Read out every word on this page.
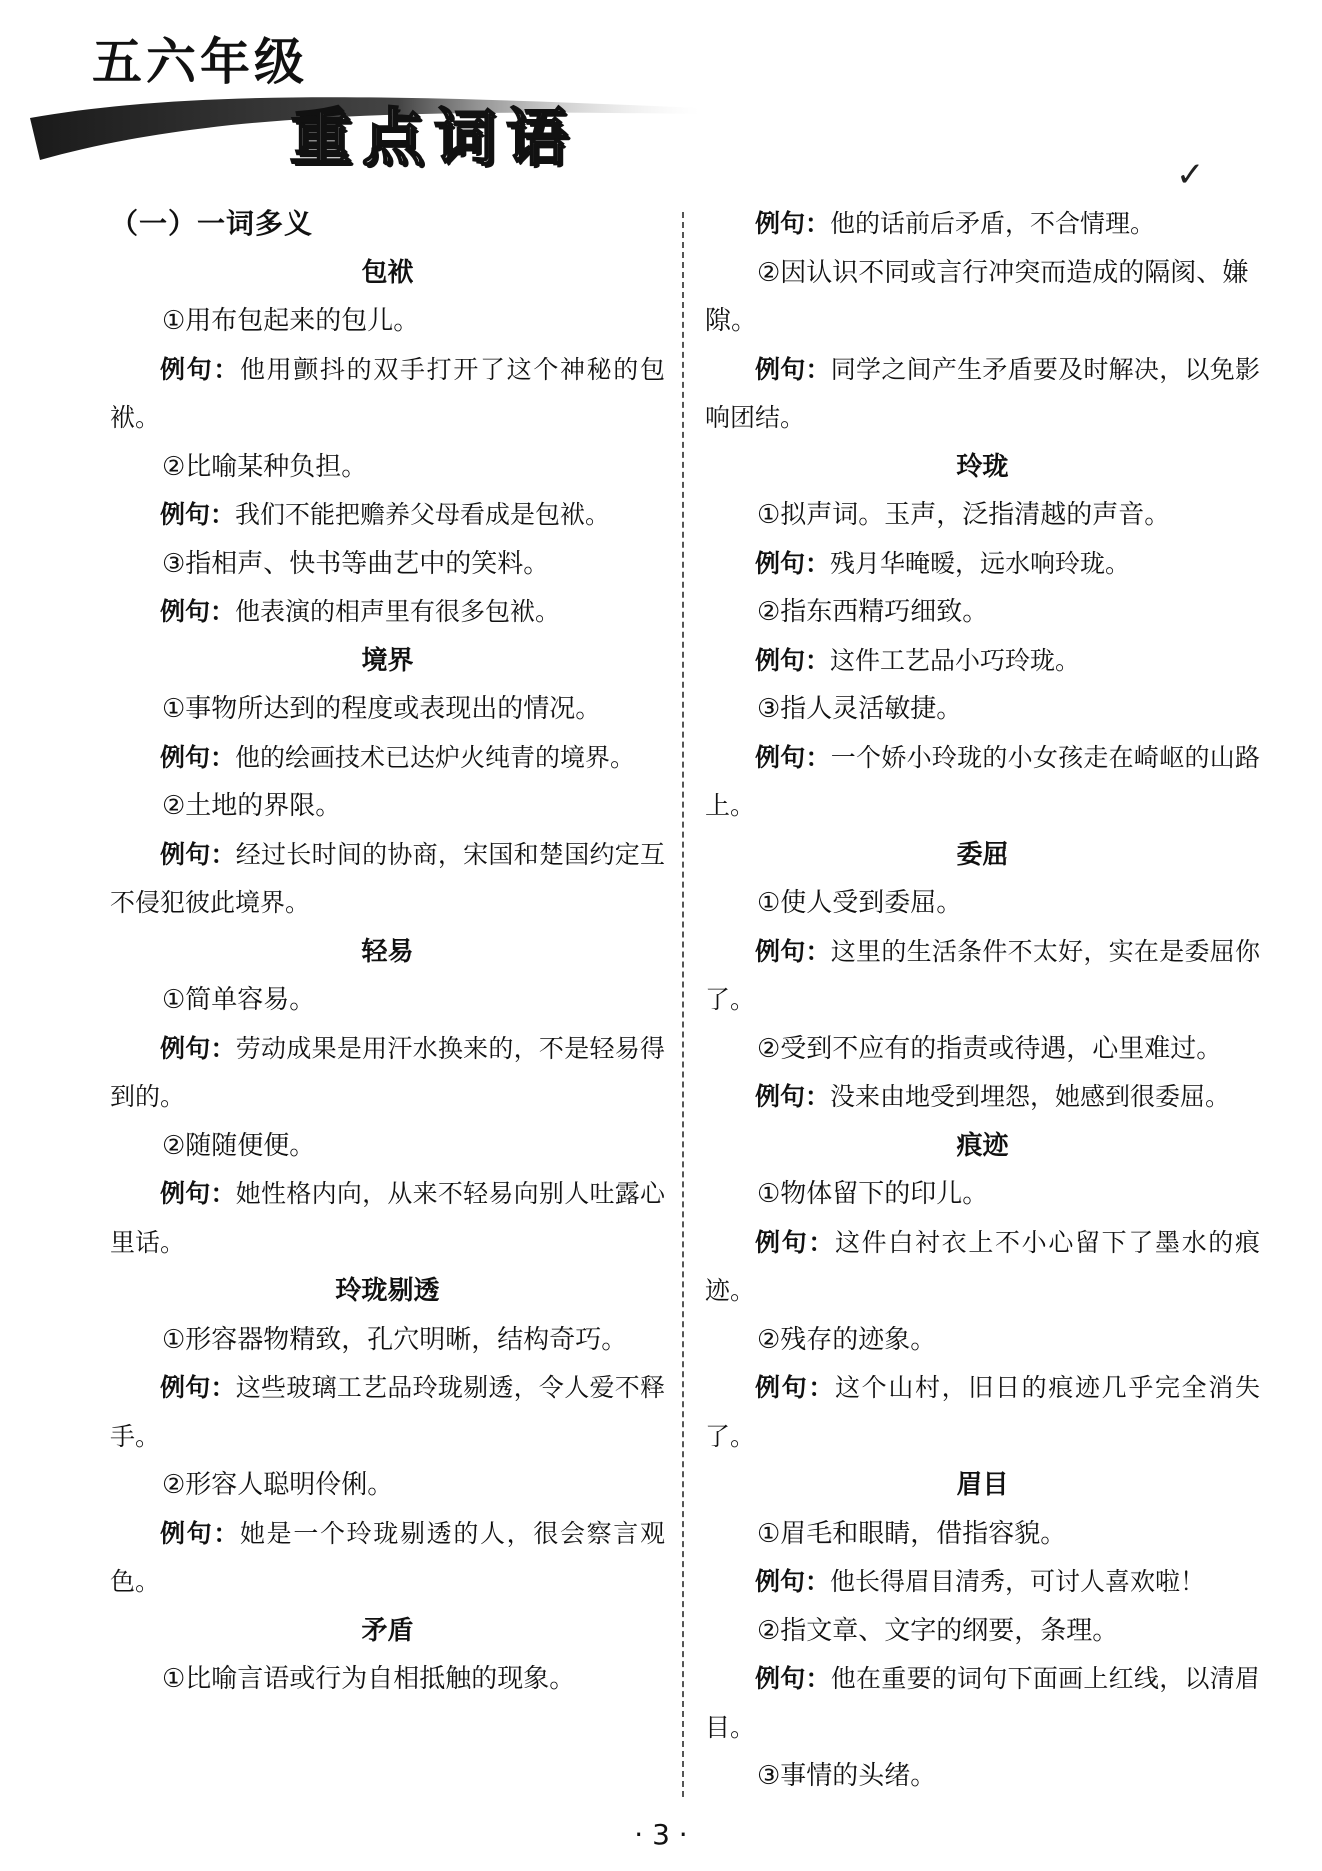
五六年级
重点词语
✓
（一）一词多义
包袱
①用布包起来的包儿。
例句：他用颤抖的双手打开了这个神秘的包袱。
②比喻某种负担。
例句：我们不能把赡养父母看成是包袱。
③指相声、快书等曲艺中的笑料。
例句：他表演的相声里有很多包袱。
境界
①事物所达到的程度或表现出的情况。
例句：他的绘画技术已达炉火纯青的境界。
②土地的界限。
例句：经过长时间的协商，宋国和楚国约定互不侵犯彼此境界。
轻易
①简单容易。
例句：劳动成果是用汗水换来的，不是轻易得到的。
②随随便便。
例句：她性格内向，从来不轻易向别人吐露心里话。
玲珑剔透
①形容器物精致，孔穴明晰，结构奇巧。
例句：这些玻璃工艺品玲珑剔透，令人爱不释手。
②形容人聪明伶俐。
例句：她是一个玲珑剔透的人，很会察言观色。
矛盾
①比喻言语或行为自相抵触的现象。
例句：他的话前后矛盾，不合情理。
②因认识不同或言行冲突而造成的隔阂、嫌隙。
例句：同学之间产生矛盾要及时解决，以免影响团结。
玲珑
①拟声词。玉声，泛指清越的声音。
例句：残月华晻暧，远水响玲珑。
②指东西精巧细致。
例句：这件工艺品小巧玲珑。
③指人灵活敏捷。
例句：一个娇小玲珑的小女孩走在崎岖的山路上。
委屈
①使人受到委屈。
例句：这里的生活条件不太好，实在是委屈你了。
②受到不应有的指责或待遇，心里难过。
例句：没来由地受到埋怨，她感到很委屈。
痕迹
①物体留下的印儿。
例句：这件白衬衣上不小心留下了墨水的痕迹。
②残存的迹象。
例句：这个山村，旧日的痕迹几乎完全消失了。
眉目
①眉毛和眼睛，借指容貌。
例句：他长得眉目清秀，可讨人喜欢啦！
②指文章、文字的纲要，条理。
例句：他在重要的词句下面画上红线，以清眉目。
③事情的头绪。
· 3 ·
